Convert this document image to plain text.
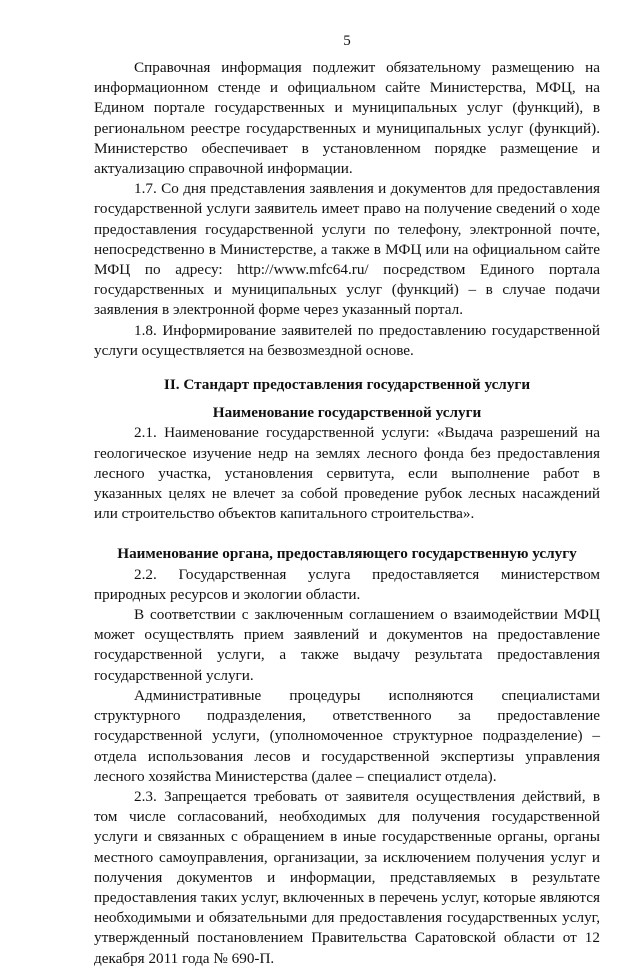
5

Справочная информация подлежит обязательному размещению на информационном стенде и официальном сайте Министерства, МФЦ, на Едином портале государственных и муниципальных услуг (функций), в региональном реестре государственных и муниципальных услуг (функций). Министерство обеспечивает в установленном порядке размещение и актуализацию справочной информации.

1.7. Со дня представления заявления и документов для предоставления государственной услуги заявитель имеет право на получение сведений о ходе предоставления государственной услуги по телефону, электронной почте, непосредственно в Министерстве, а также в МФЦ или на официальном сайте МФЦ по адресу: http://www.mfc64.ru/ посредством Единого портала государственных и муниципальных услуг (функций) – в случае подачи заявления в электронной форме через указанный портал.

1.8. Информирование заявителей по предоставлению государственной услуги осуществляется на безвозмездной основе.

II. Стандарт предоставления государственной услуги
Наименование государственной услуги

2.1. Наименование государственной услуги: «Выдача разрешений на геологическое изучение недр на землях лесного фонда без предоставления лесного участка, установления сервитута, если выполнение работ в указанных целях не влечет за собой проведение рубок лесных насаждений или строительство объектов капитального строительства».

Наименование органа, предоставляющего государственную услугу

2.2. Государственная услуга предоставляется министерством природных ресурсов и экологии области.

В соответствии с заключенным соглашением о взаимодействии МФЦ может осуществлять прием заявлений и документов на предоставление государственной услуги, а также выдачу результата предоставления государственной услуги.

Административные процедуры исполняются специалистами структурного подразделения, ответственного за предоставление государственной услуги, (уполномоченное структурное подразделение) – отдела использования лесов и государственной экспертизы управления лесного хозяйства Министерства (далее – специалист отдела).

2.3. Запрещается требовать от заявителя осуществления действий, в том числе согласований, необходимых для получения государственной услуги и связанных с обращением в иные государственные органы, органы местного самоуправления, организации, за исключением получения услуг и получения документов и информации, представляемых в результате предоставления таких услуг, включенных в перечень услуг, которые являются необходимыми и обязательными для предоставления государственных услуг, утвержденный постановлением Правительства Саратовской области от 12 декабря 2011 года № 690-П.
